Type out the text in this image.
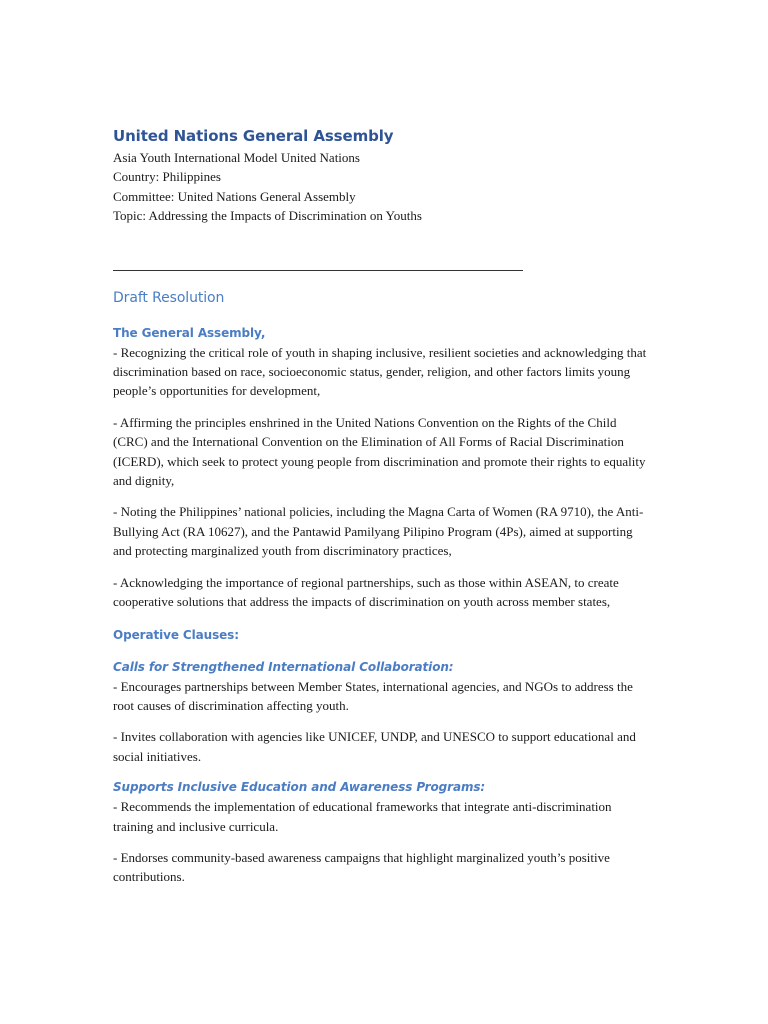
United Nations General Assembly
Asia Youth International Model United Nations
Country: Philippines
Committee: United Nations General Assembly
Topic: Addressing the Impacts of Discrimination on Youths
Draft Resolution
The General Assembly,

- Recognizing the critical role of youth in shaping inclusive, resilient societies and acknowledging that discrimination based on race, socioeconomic status, gender, religion, and other factors limits young people’s opportunities for development,

- Affirming the principles enshrined in the United Nations Convention on the Rights of the Child (CRC) and the International Convention on the Elimination of All Forms of Racial Discrimination (ICERD), which seek to protect young people from discrimination and promote their rights to equality and dignity,

- Noting the Philippines’ national policies, including the Magna Carta of Women (RA 9710), the Anti-Bullying Act (RA 10627), and the Pantawid Pamilyang Pilipino Program (4Ps), aimed at supporting and protecting marginalized youth from discriminatory practices,

- Acknowledging the importance of regional partnerships, such as those within ASEAN, to create cooperative solutions that address the impacts of discrimination on youth across member states,

Operative Clauses:
Calls for Strengthened International Collaboration:

- Encourages partnerships between Member States, international agencies, and NGOs to address the root causes of discrimination affecting youth.

- Invites collaboration with agencies like UNICEF, UNDP, and UNESCO to support educational and social initiatives.

Supports Inclusive Education and Awareness Programs:

- Recommends the implementation of educational frameworks that integrate anti-discrimination training and inclusive curricula.

- Endorses community-based awareness campaigns that highlight marginalized youth’s positive contributions.
